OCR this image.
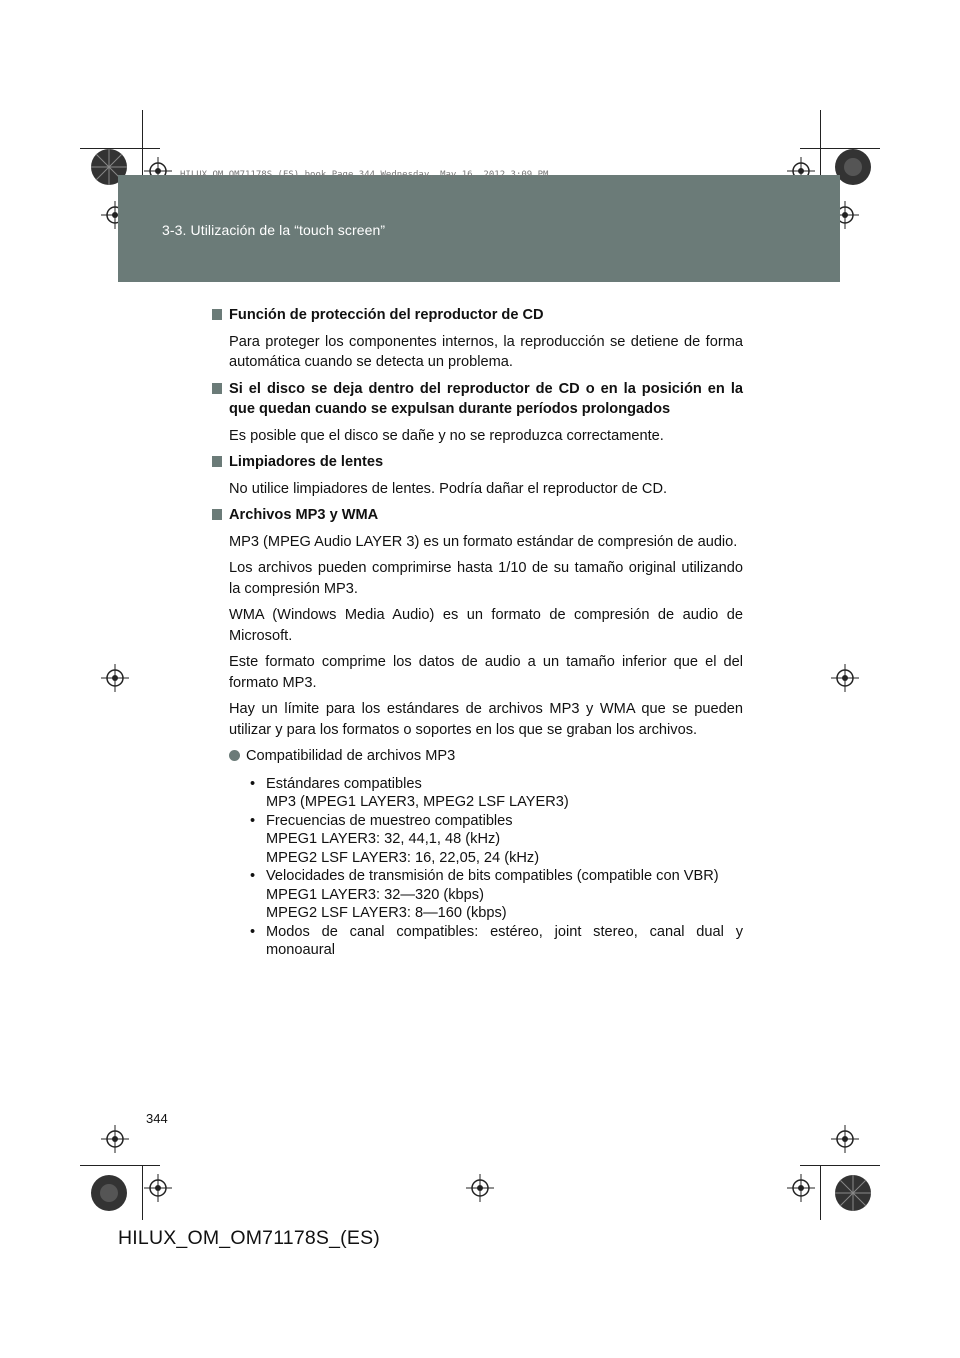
HILUX_OM_OM71178S_(ES).book Page 344 Wednesday, May 16, 2012 3:09 PM
3-3. Utilización de la “touch screen”
Función de protección del reproductor de CD

Para proteger los componentes internos, la reproducción se detiene de forma automática cuando se detecta un problema.

Si el disco se deja dentro del reproductor de CD o en la posición en la que quedan cuando se expulsan durante períodos prolongados

Es posible que el disco se dañe y no se reproduzca correctamente.

Limpiadores de lentes

No utilice limpiadores de lentes. Podría dañar el reproductor de CD.

Archivos MP3 y WMA

MP3 (MPEG Audio LAYER 3) es un formato estándar de compresión de audio.

Los archivos pueden comprimirse hasta 1/10 de su tamaño original utilizando la compresión MP3.

WMA (Windows Media Audio) es un formato de compresión de audio de Microsoft.

Este formato comprime los datos de audio a un tamaño inferior que el del formato MP3.

Hay un límite para los estándares de archivos MP3 y WMA que se pueden utilizar y para los formatos o soportes en los que se graban los archivos.

Compatibilidad de archivos MP3
• Estándares compatibles
MP3 (MPEG1 LAYER3, MPEG2 LSF LAYER3)
• Frecuencias de muestreo compatibles
MPEG1 LAYER3: 32, 44,1, 48 (kHz)
MPEG2 LSF LAYER3: 16, 22,05, 24 (kHz)
• Velocidades de transmisión de bits compatibles (compatible con VBR)
MPEG1 LAYER3: 32—320 (kbps)
MPEG2 LSF LAYER3: 8—160 (kbps)
• Modos de canal compatibles: estéreo, joint stereo, canal dual y
monoaural
344
HILUX_OM_OM71178S_(ES)
